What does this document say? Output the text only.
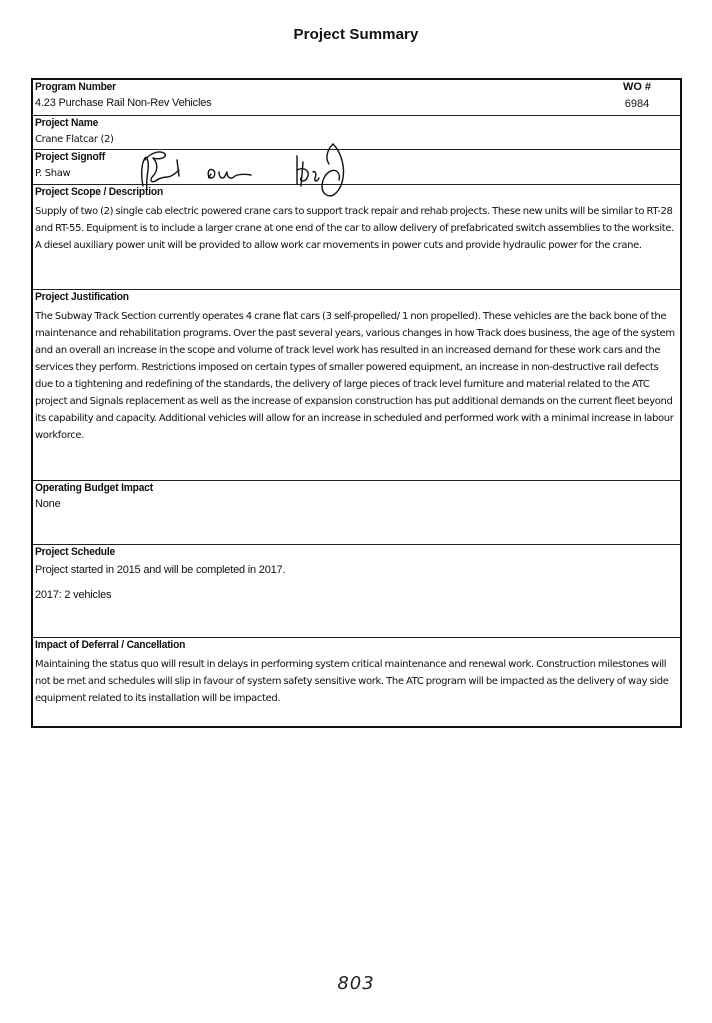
Project Summary
Program Number
4.23 Purchase Rail Non-Rev Vehicles
WO #
6984
Project Name
Crane Flatcar (2)
Project Signoff
P. Shaw
Project Scope / Description
Supply of two (2) single cab electric powered crane cars to support track repair and rehab projects. These new units will be similar to RT-28 and RT-55. Equipment is to include a larger crane at one end of the car to allow delivery of prefabricated switch assemblies to the worksite. A diesel auxiliary power unit will be provided to allow work car movements in power cuts and provide hydraulic power for the crane.
Project Justification
The Subway Track Section currently operates 4 crane flat cars (3 self-propelled/ 1 non propelled). These vehicles are the back bone of the maintenance and rehabilitation programs. Over the past several years, various changes in how Track does business, the age of the system and an overall an increase in the scope and volume of track level work has resulted in an increased demand for these work cars and the services they perform. Restrictions imposed on certain types of smaller powered equipment, an increase in non-destructive rail defects due to a tightening and redefining of the standards, the delivery of large pieces of track level furniture and material related to the ATC project and Signals replacement as well as the increase of expansion construction has put additional demands on the current fleet beyond its capability and capacity. Additional vehicles will allow for an increase in scheduled and performed work with a minimal increase in labour workforce.
Operating Budget Impact
None
Project Schedule
Project started in 2015 and will be completed in 2017.
2017: 2 vehicles
Impact of Deferral / Cancellation
Maintaining the status quo will result in delays in performing system critical maintenance and renewal work. Construction milestones will not be met and schedules will slip in favour of system safety sensitive work. The ATC program will be impacted as the delivery of way side equipment related to its installation will be impacted.
803
